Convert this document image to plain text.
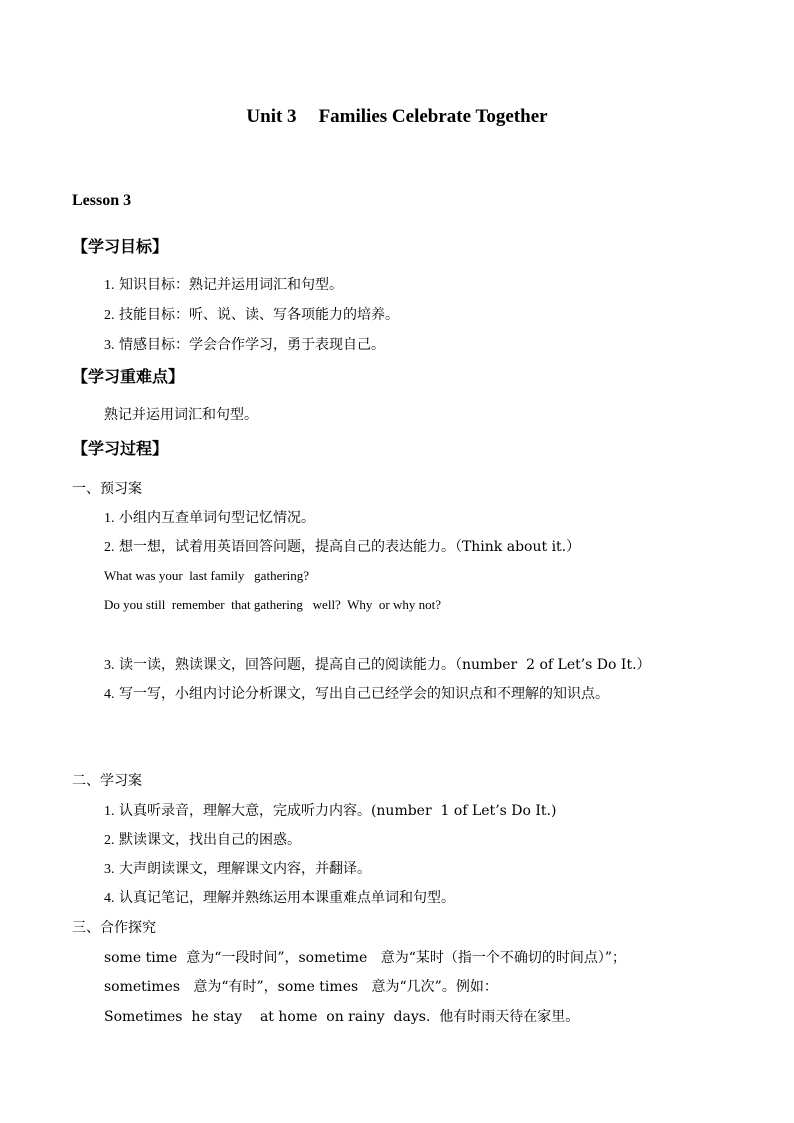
Unit 3 Families Celebrate Together
Lesson 3
【学习目标】
1. 知识目标：熟记并运用词汇和句型。
2. 技能目标：听、说、读、写各项能力的培养。
3. 情感目标：学会合作学习，勇于表现自己。
【学习重难点】
熟记并运用词汇和句型。
【学习过程】
一、预习案
1. 小组内互查单词句型记忆情况。
2. 想一想，试着用英语回答问题，提高自己的表达能力。（Think about it.）
What was your  last family   gathering?
Do you still  remember  that gathering   well?  Why  or why not?
3. 读一读，熟读课文，回答问题，提高自己的阅读能力。（number  2 of Let’s Do It.）
4. 写一写，小组内讨论分析课文，写出自己已经学会的知识点和不理解的知识点。
二、学习案
1. 认真听录音，理解大意，完成听力内容。(number  1 of Let’s Do It.)
2. 默读课文，找出自己的困惑。
3. 大声朗读课文，理解课文内容，并翻译。
4. 认真记笔记，理解并熟练运用本课重难点单词和句型。
三、合作探究
some time  意为“一段时间”，sometime   意为“某时（指一个不确切的时间点）”；
sometimes   意为“有时”，some times   意为“几次”。例如：
Sometimes  he stay    at home  on rainy  days.  他有时雨天待在家里。
